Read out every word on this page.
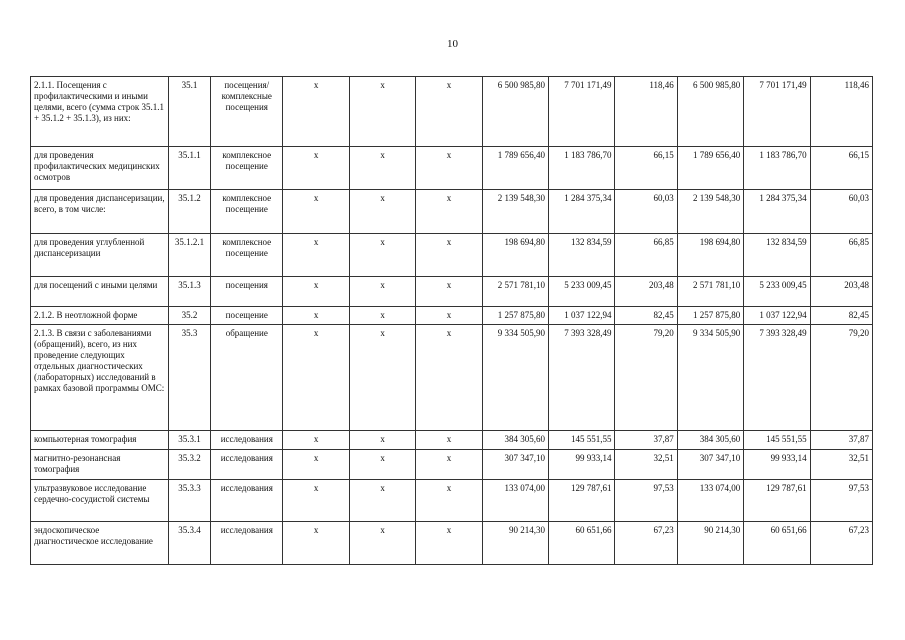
10
2.1.1. Посещения с профилактическими и иными целями, всего (сумма строк 35.1.1 + 35.1.2 + 35.1.3), из них:	35.1	посещения/ комплексные посещения	х	х	х	6 500 985,80	7 701 171,49	118,46	6 500 985,80	7 701 171,49	118,46
для проведения профилактических медицинских осмотров	35.1.1	комплексное посещение	х	х	х	1 789 656,40	1 183 786,70	66,15	1 789 656,40	1 183 786,70	66,15
для проведения диспансеризации, всего, в том числе:	35.1.2	комплексное посещение	х	х	х	2 139 548,30	1 284 375,34	60,03	2 139 548,30	1 284 375,34	60,03
для проведения углубленной диспансеризации	35.1.2.1	комплексное посещение	х	х	х	198 694,80	132 834,59	66,85	198 694,80	132 834,59	66,85
для посещений с иными целями	35.1.3	посещения	х	х	х	2 571 781,10	5 233 009,45	203,48	2 571 781,10	5 233 009,45	203,48
2.1.2. В неотложной форме	35.2	посещение	х	х	х	1 257 875,80	1 037 122,94	82,45	1 257 875,80	1 037 122,94	82,45
2.1.3. В связи с заболеваниями (обращений), всего, из них проведение следующих отдельных диагностических (лабораторных) исследований в рамках базовой программы ОМС:	35.3	обращение	х	х	х	9 334 505,90	7 393 328,49	79,20	9 334 505,90	7 393 328,49	79,20
компьютерная томография	35.3.1	исследования	х	х	х	384 305,60	145 551,55	37,87	384 305,60	145 551,55	37,87
магнитно-резонансная томография	35.3.2	исследования	х	х	х	307 347,10	99 933,14	32,51	307 347,10	99 933,14	32,51
ультразвуковое исследование сердечно-сосудистой системы	35.3.3	исследования	х	х	х	133 074,00	129 787,61	97,53	133 074,00	129 787,61	97,53
эндоскопическое диагностическое исследование	35.3.4	исследования	х	х	х	90 214,30	60 651,66	67,23	90 214,30	60 651,66	67,23
